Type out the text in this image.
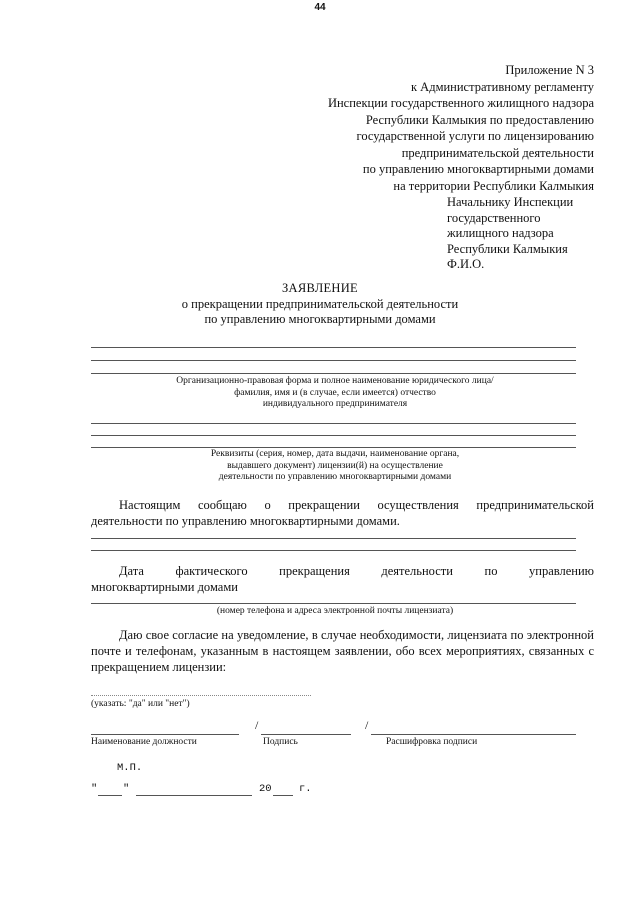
44
Приложение N 3
к Административному регламенту
Инспекции государственного жилищного надзора
Республики Калмыкия по предоставлению
государственной услуги по лицензированию
предпринимательской деятельности
по управлению многоквартирными домами
на территории Республики Калмыкия
Начальнику Инспекции
государственного
жилищного надзора
Республики Калмыкия
Ф.И.О.
ЗАЯВЛЕНИЕ
о прекращении предпринимательской деятельности
по управлению многоквартирными домами
Организационно-правовая форма и полное наименование юридического лица/
фамилия, имя и (в случае, если имеется) отчество
индивидуального предпринимателя
Реквизиты (серия, номер, дата выдачи, наименование органа,
выдавшего документ) лицензии(й) на осуществление
деятельности по управлению многоквартирными домами
Настоящим сообщаю о прекращении осуществления предпринимательской деятельности по управлению многоквартирными домами.
Дата	фактического	прекращения	деятельности	по	управлению
многоквартирными домами
(номер телефона и адреса электронной почты лицензиата)
Даю свое согласие на уведомление, в случае необходимости, лицензиата по электронной почте и телефонам, указанным в настоящем заявлении, обо всех мероприятиях, связанных с прекращением лицензии:
(указать: "да" или "нет")
/	/
Наименование должности	Подпись	Расшифровка подписи
М.П.
" "	20	г.
